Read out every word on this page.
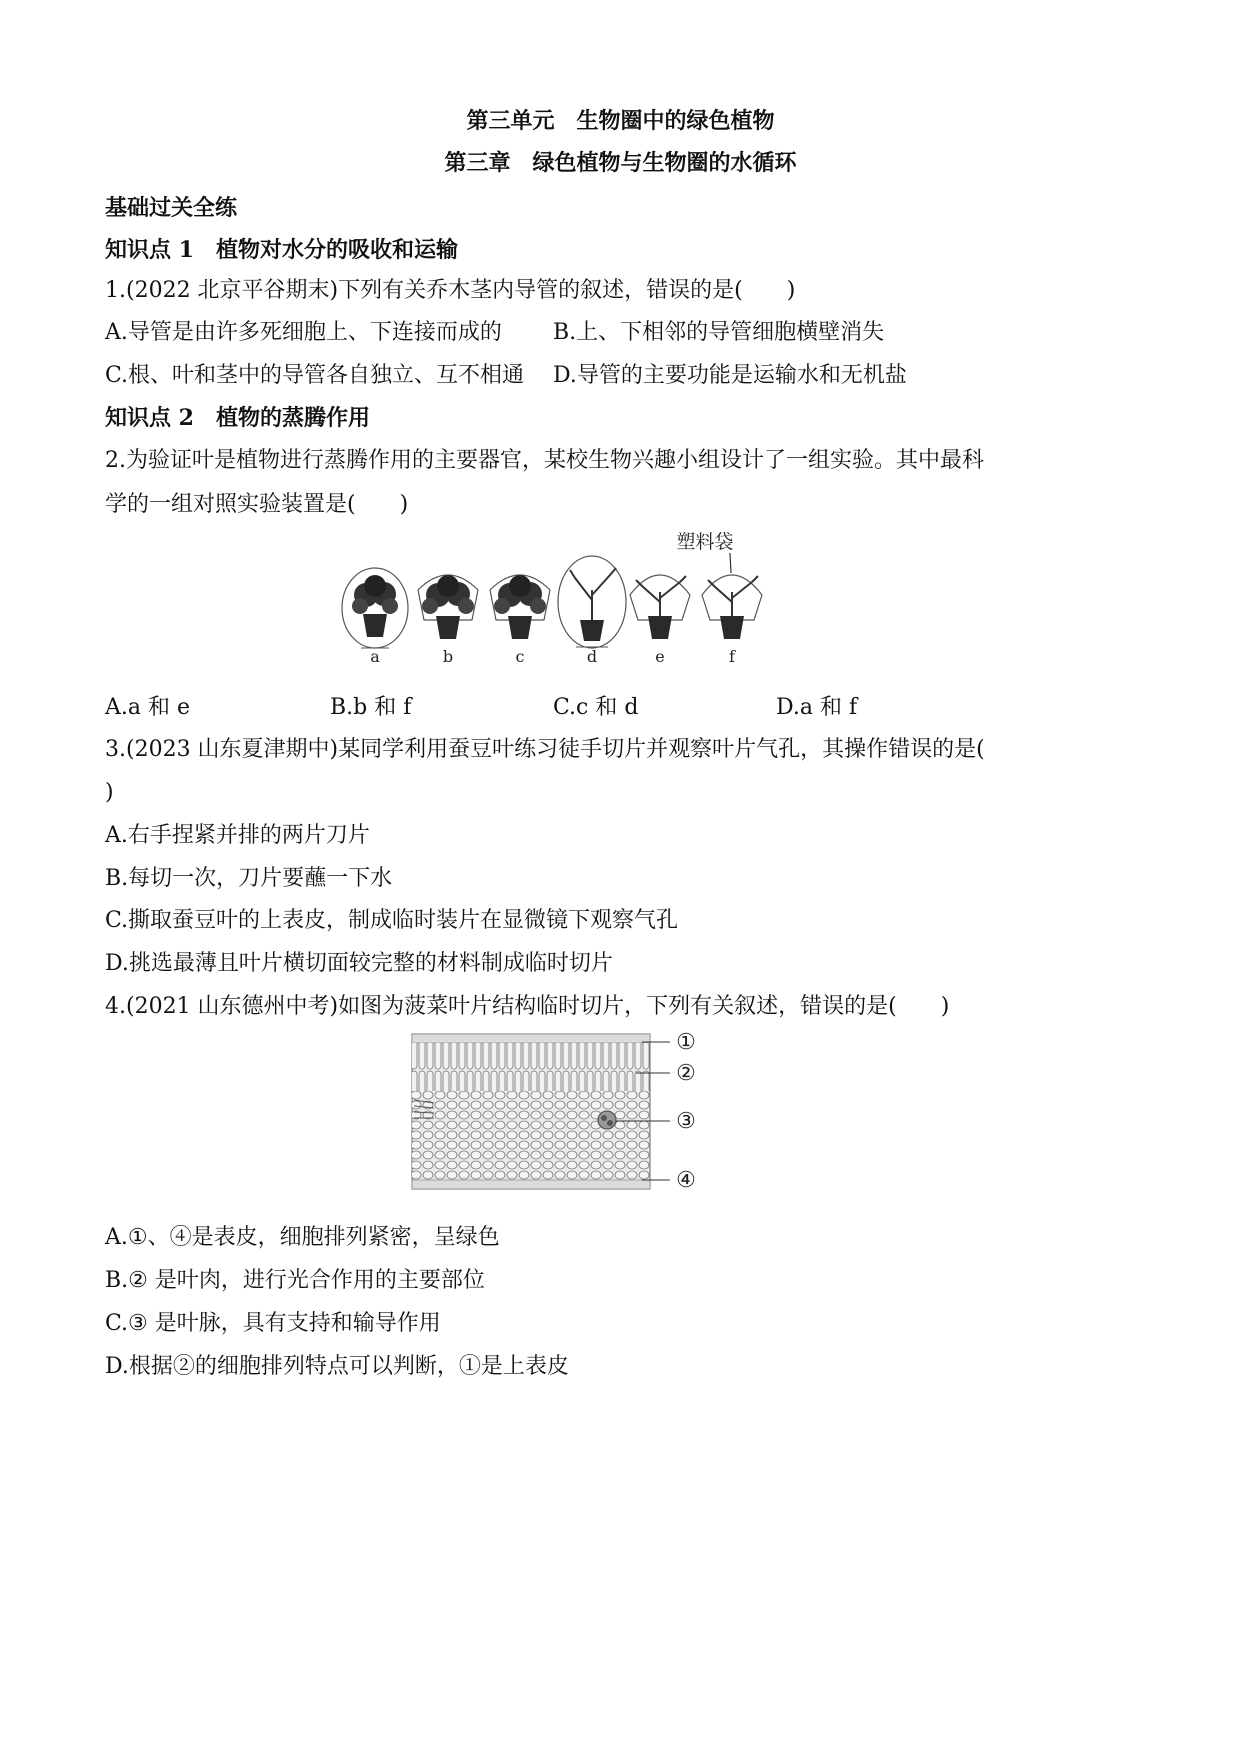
第三单元　生物圈中的绿色植物
第三章　绿色植物与生物圈的水循环
基础过关全练
知识点 1　植物对水分的吸收和运输
1.(2022 北京平谷期末)下列有关乔木茎内导管的叙述，错误的是(　　)
A.导管是由许多死细胞上、下连接而成的 B.上、下相邻的导管细胞横壁消失
C.根、叶和茎中的导管各自独立、互不相通 D.导管的主要功能是运输水和无机盐
知识点 2　植物的蒸腾作用
2.为验证叶是植物进行蒸腾作用的主要器官，某校生物兴趣小组设计了一组实验。其中最科
学的一组对照实验装置是(　　)
塑料袋
a	b	c	d	e	f
A.a 和 e	B.b 和 f	C.c 和 d	D.a 和 f
3.(2023 山东夏津期中)某同学利用蚕豆叶练习徒手切片并观察叶片气孔，其操作错误的是(
)
A.右手捏紧并排的两片刀片
B.每切一次，刀片要蘸一下水
C.撕取蚕豆叶的上表皮，制成临时装片在显微镜下观察气孔
D.挑选最薄且叶片横切面较完整的材料制成临时切片
4.(2021 山东德州中考)如图为菠菜叶片结构临时切片，下列有关叙述，错误的是(　　)
①
②
③
④
A.①、④是表皮，细胞排列紧密，呈绿色
B.② 是叶肉，进行光合作用的主要部位
C.③ 是叶脉，具有支持和输导作用
D.根据②的细胞排列特点可以判断，①是上表皮
